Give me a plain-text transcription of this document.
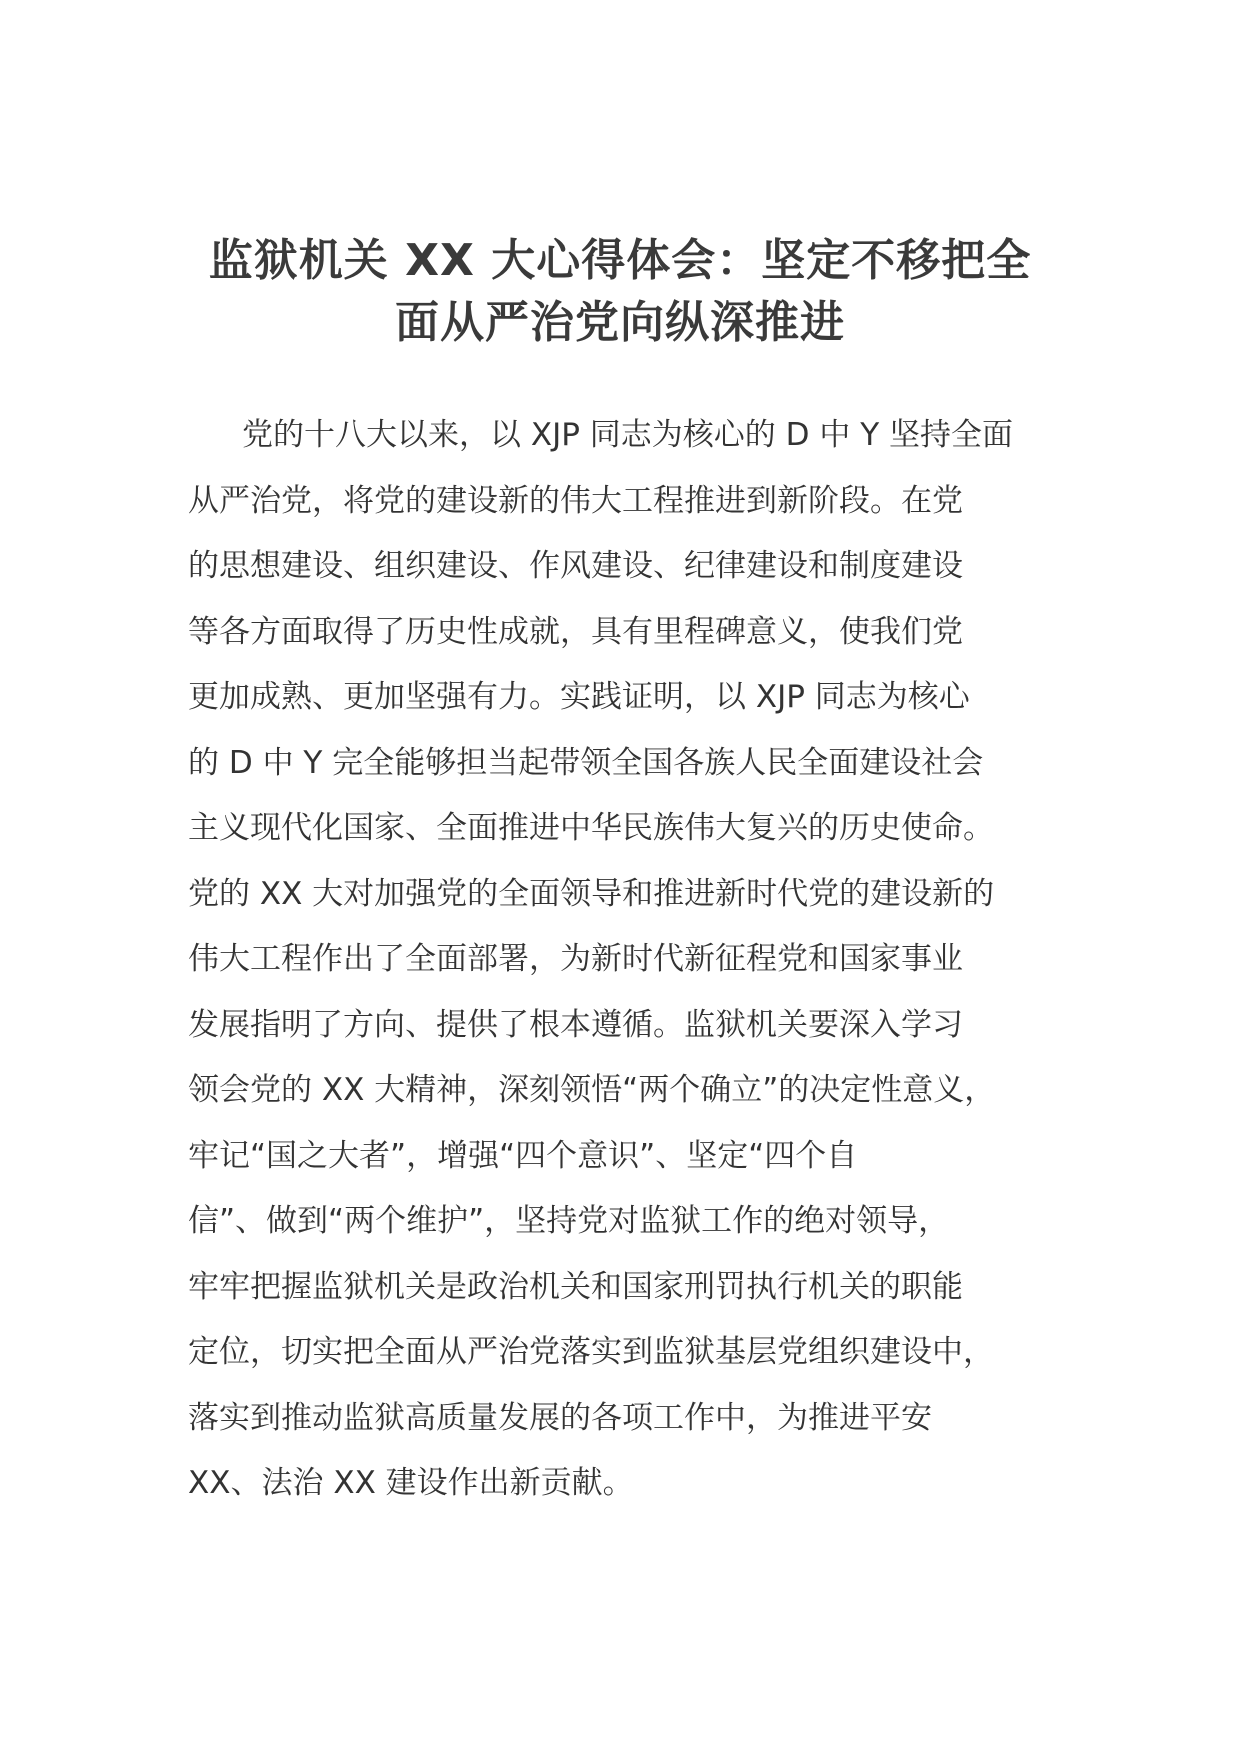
监狱机关 XX 大心得体会：坚定不移把全
面从严治党向纵深推进
党的十八大以来，以 XJP 同志为核心的 D 中 Y 坚持全面
从严治党，将党的建设新的伟大工程推进到新阶段。在党
的思想建设、组织建设、作风建设、纪律建设和制度建设
等各方面取得了历史性成就，具有里程碑意义，使我们党
更加成熟、更加坚强有力。实践证明，以 XJP 同志为核心
的 D 中 Y 完全能够担当起带领全国各族人民全面建设社会
主义现代化国家、全面推进中华民族伟大复兴的历史使命。
党的 XX 大对加强党的全面领导和推进新时代党的建设新的
伟大工程作出了全面部署，为新时代新征程党和国家事业
发展指明了方向、提供了根本遵循。监狱机关要深入学习
领会党的 XX 大精神，深刻领悟“两个确立”的决定性意义，
牢记“国之大者”，增强“四个意识”、坚定“四个自
信”、做到“两个维护”，坚持党对监狱工作的绝对领导，
牢牢把握监狱机关是政治机关和国家刑罚执行机关的职能
定位，切实把全面从严治党落实到监狱基层党组织建设中，
落实到推动监狱高质量发展的各项工作中，为推进平安
XX、法治 XX 建设作出新贡献。
